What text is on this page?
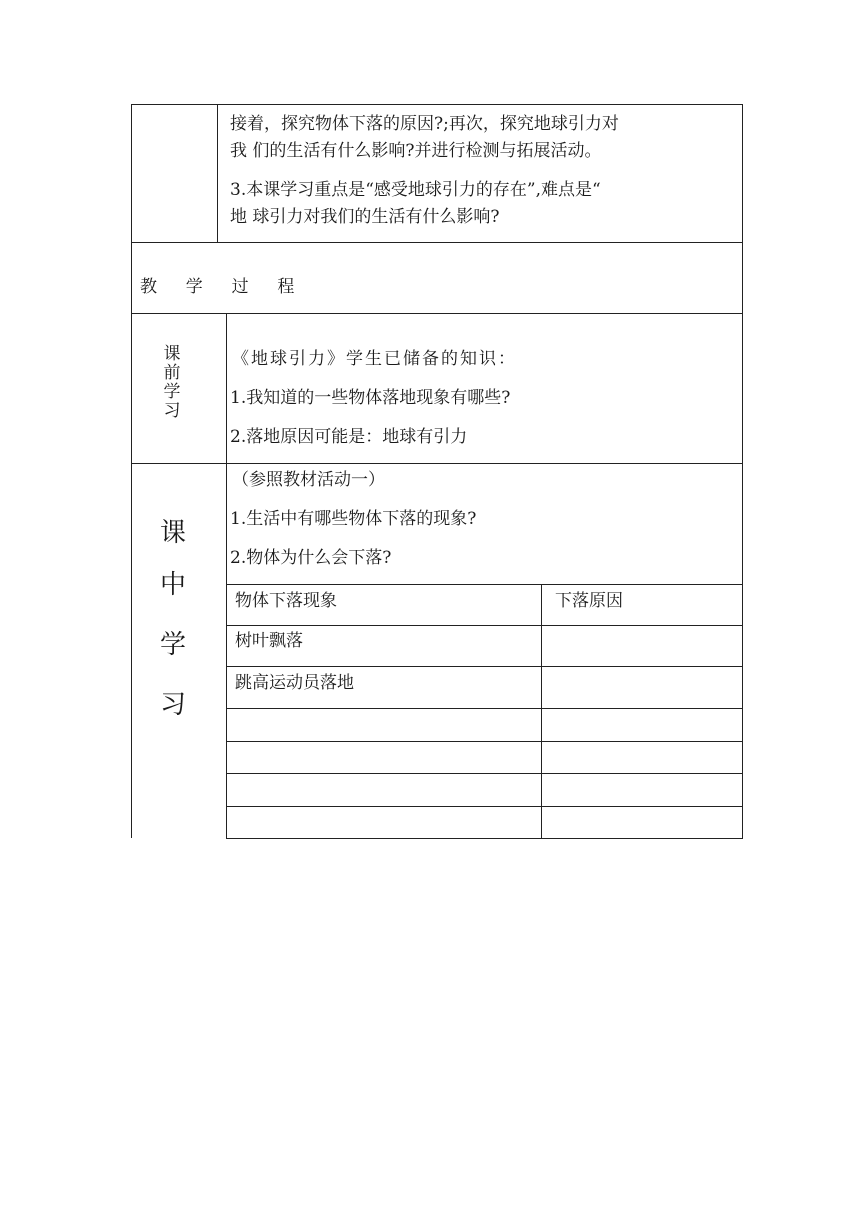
接着，探究物体下落的原因?;再次，探究地球引力对
我 们的生活有什么影响?并进行检测与拓展活动。
3.本课学习重点是“感受地球引力的存在”,难点是“
地 球引力对我们的生活有什么影响?
教  学  过  程
课
前
学
习
《地球引力》学生已储备的知识：
1.我知道的一些物体落地现象有哪些?
2.落地原因可能是：地球有引力
课
中
学
习
（参照教材活动一）
1.生活中有哪些物体下落的现象?
2.物体为什么会下落?
物体下落现象	下落原因
树叶飘落
跳高运动员落地
